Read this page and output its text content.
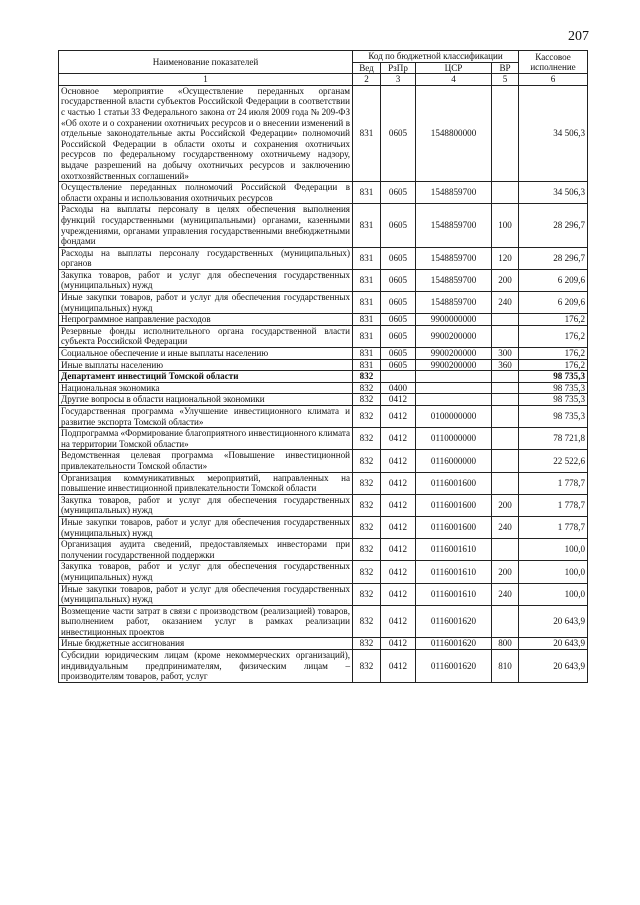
207
Наименование показателей	Код по бюджетной классификации				Кассовое исполнение
	Вед	РзПр	ЦСР	ВР	
1	2	3	4	5	6
Основное мероприятие «Осуществление переданных органам государственной власти субъектов Российской Федерации в соответствии с частью 1 статьи 33 Федерального закона от 24 июля 2009 года № 209-ФЗ «Об охоте и о сохранении охотничьих ресурсов и о внесении изменений в отдельные законодательные акты Российской Федерации» полномочий Российской Федерации в области охоты и сохранения охотничьих ресурсов по федеральному государственному охотничьему надзору, выдаче разрешений на добычу охотничьих ресурсов и заключению охотхозяйственных соглашений»	831	0605	1548800000		34 506,3
Осуществление переданных полномочий Российской Федерации в области охраны и использования охотничьих ресурсов	831	0605	1548859700		34 506,3
Расходы на выплаты персоналу в целях обеспечения выполнения функций государственными (муниципальными) органами, казенными учреждениями, органами управления государственными внебюджетными фондами	831	0605	1548859700	100	28 296,7
Расходы на выплаты персоналу государственных (муниципальных) органов	831	0605	1548859700	120	28 296,7
Закупка товаров, работ и услуг для обеспечения государственных (муниципальных) нужд	831	0605	1548859700	200	6 209,6
Иные закупки товаров, работ и услуг для обеспечения государственных (муниципальных) нужд	831	0605	1548859700	240	6 209,6
Непрограммное направление расходов	831	0605	9900000000		176,2
Резервные фонды исполнительного органа государственной власти субъекта Российской Федерации	831	0605	9900200000		176,2
Социальное обеспечение и иные выплаты населению	831	0605	9900200000	300	176,2
Иные выплаты населению	831	0605	9900200000	360	176,2
Департамент инвестиций Томской области	832				98 735,3
Национальная экономика	832	0400			98 735,3
Другие вопросы в области национальной экономики	832	0412			98 735,3
Государственная программа «Улучшение инвестиционного климата и развитие экспорта Томской области»	832	0412	0100000000		98 735,3
Подпрограмма «Формирование благоприятного инвестиционного климата на территории Томской области»	832	0412	0110000000		78 721,8
Ведомственная целевая программа «Повышение инвестиционной привлекательности Томской области»	832	0412	0116000000		22 522,6
Организация коммуникативных мероприятий, направленных на повышение инвестиционной привлекательности Томской области	832	0412	0116001600		1 778,7
Закупка товаров, работ и услуг для обеспечения государственных (муниципальных) нужд	832	0412	0116001600	200	1 778,7
Иные закупки товаров, работ и услуг для обеспечения государственных (муниципальных) нужд	832	0412	0116001600	240	1 778,7
Организация аудита сведений, предоставляемых инвесторами при получении государственной поддержки	832	0412	0116001610		100,0
Закупка товаров, работ и услуг для обеспечения государственных (муниципальных) нужд	832	0412	0116001610	200	100,0
Иные закупки товаров, работ и услуг для обеспечения государственных (муниципальных) нужд	832	0412	0116001610	240	100,0
Возмещение части затрат в связи с производством (реализацией) товаров, выполнением работ, оказанием услуг в рамках реализации инвестиционных проектов	832	0412	0116001620		20 643,9
Иные бюджетные ассигнования	832	0412	0116001620	800	20 643,9
Субсидии юридическим лицам (кроме некоммерческих организаций), индивидуальным предпринимателям, физическим лицам – производителям товаров, работ, услуг	832	0412	0116001620	810	20 643,9
